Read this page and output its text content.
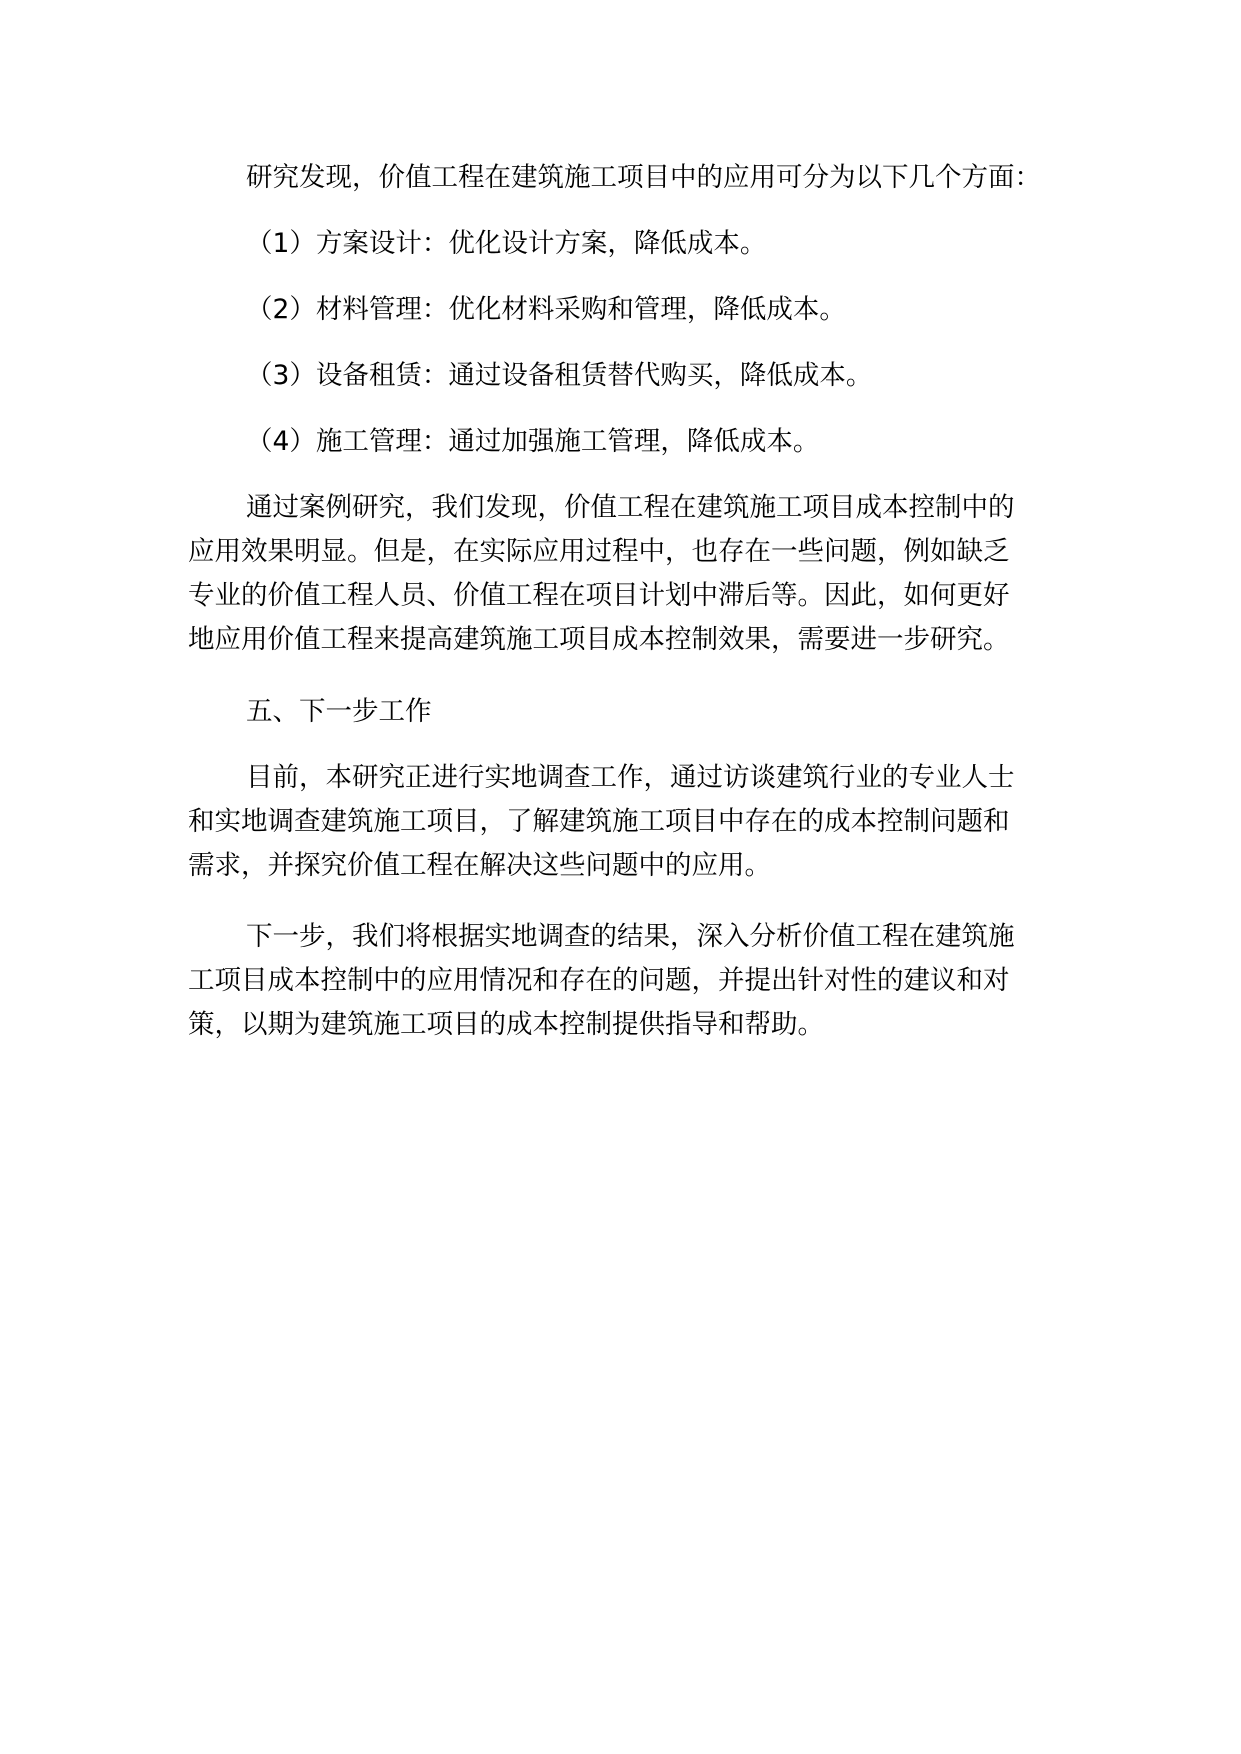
研究发现，价值工程在建筑施工项目中的应用可分为以下几个方面：

（1）方案设计：优化设计方案，降低成本。

（2）材料管理：优化材料采购和管理，降低成本。

（3）设备租赁：通过设备租赁替代购买，降低成本。

（4）施工管理：通过加强施工管理，降低成本。

通过案例研究，我们发现，价值工程在建筑施工项目成本控制中的应用效果明显。但是，在实际应用过程中，也存在一些问题，例如缺乏专业的价值工程人员、价值工程在项目计划中滞后等。因此，如何更好地应用价值工程来提高建筑施工项目成本控制效果，需要进一步研究。

五、下一步工作

目前，本研究正进行实地调查工作，通过访谈建筑行业的专业人士和实地调查建筑施工项目，了解建筑施工项目中存在的成本控制问题和需求，并探究价值工程在解决这些问题中的应用。

下一步，我们将根据实地调查的结果，深入分析价值工程在建筑施工项目成本控制中的应用情况和存在的问题，并提出针对性的建议和对策，以期为建筑施工项目的成本控制提供指导和帮助。
